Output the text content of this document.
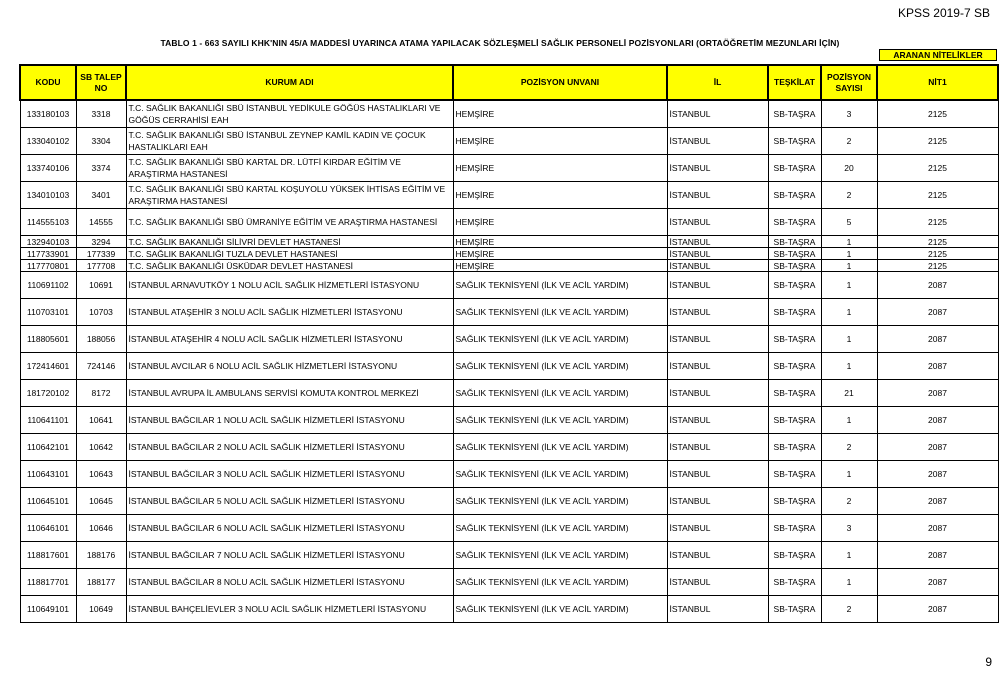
KPSS 2019-7 SB
TABLO 1 - 663 SAYILI KHK'NIN 45/A MADDESİ UYARINCA ATAMA YAPILACAK SÖZLEŞMELİ SAĞLIK PERSONELİ POZİSYONLARI (ORTAÖĞRETİM MEZUNLARI İÇİN)
ARANAN NİTELİKLER
KODU	SB TALEP NO	KURUM ADI	POZİSYON UNVANI	İL	TEŞKİLAT	POZİSYON SAYISI	NİT1
133180103	3318	T.C. SAĞLIK BAKANLIĞI SBÜ İSTANBUL YEDİKULE GÖĞÜS HASTALIKLARI VE GÖĞÜS CERRAHİSİ EAH	HEMŞİRE	İSTANBUL	SB-TAŞRA	3	2125
133040102	3304	T.C. SAĞLIK BAKANLIĞI SBÜ İSTANBUL ZEYNEP KAMİL KADIN VE ÇOCUK HASTALIKLARI EAH	HEMŞİRE	İSTANBUL	SB-TAŞRA	2	2125
133740106	3374	T.C. SAĞLIK BAKANLIĞI SBÜ KARTAL DR. LÜTFİ KIRDAR EĞİTİM VE ARAŞTIRMA HASTANESİ	HEMŞİRE	İSTANBUL	SB-TAŞRA	20	2125
134010103	3401	T.C. SAĞLIK BAKANLIĞI SBÜ KARTAL KOŞUYOLU YÜKSEK İHTİSAS EĞİTİM VE ARAŞTIRMA HASTANESİ	HEMŞİRE	İSTANBUL	SB-TAŞRA	2	2125
114555103	14555	T.C. SAĞLIK BAKANLIĞI SBÜ ÜMRANİYE EĞİTİM VE ARAŞTIRMA HASTANESİ	HEMŞİRE	İSTANBUL	SB-TAŞRA	5	2125
132940103	3294	T.C. SAĞLIK BAKANLIĞI SİLİVRİ DEVLET HASTANESİ	HEMŞİRE	İSTANBUL	SB-TAŞRA	1	2125
117733901	177339	T.C. SAĞLIK BAKANLIĞI TUZLA DEVLET HASTANESİ	HEMŞİRE	İSTANBUL	SB-TAŞRA	1	2125
117770801	177708	T.C. SAĞLIK BAKANLIĞI ÜSKÜDAR DEVLET HASTANESİ	HEMŞİRE	İSTANBUL	SB-TAŞRA	1	2125
110691102	10691	İSTANBUL ARNAVUTKÖY 1 NOLU ACİL SAĞLIK HİZMETLERİ İSTASYONU	SAĞLIK TEKNİSYENİ (İLK VE ACİL YARDIM)	İSTANBUL	SB-TAŞRA	1	2087
110703101	10703	İSTANBUL ATAŞEHİR 3 NOLU ACİL SAĞLIK HİZMETLERİ İSTASYONU	SAĞLIK TEKNİSYENİ (İLK VE ACİL YARDIM)	İSTANBUL	SB-TAŞRA	1	2087
118805601	188056	İSTANBUL ATAŞEHİR 4 NOLU ACİL SAĞLIK HİZMETLERİ İSTASYONU	SAĞLIK TEKNİSYENİ (İLK VE ACİL YARDIM)	İSTANBUL	SB-TAŞRA	1	2087
172414601	724146	İSTANBUL AVCILAR 6 NOLU ACİL SAĞLIK HİZMETLERİ İSTASYONU	SAĞLIK TEKNİSYENİ (İLK VE ACİL YARDIM)	İSTANBUL	SB-TAŞRA	1	2087
181720102	8172	İSTANBUL AVRUPA İL AMBULANS SERVİSİ KOMUTA KONTROL MERKEZİ	SAĞLIK TEKNİSYENİ (İLK VE ACİL YARDIM)	İSTANBUL	SB-TAŞRA	21	2087
110641101	10641	İSTANBUL BAĞCILAR 1 NOLU ACİL SAĞLIK HİZMETLERİ İSTASYONU	SAĞLIK TEKNİSYENİ (İLK VE ACİL YARDIM)	İSTANBUL	SB-TAŞRA	1	2087
110642101	10642	İSTANBUL BAĞCILAR 2 NOLU ACİL SAĞLIK HİZMETLERİ İSTASYONU	SAĞLIK TEKNİSYENİ (İLK VE ACİL YARDIM)	İSTANBUL	SB-TAŞRA	2	2087
110643101	10643	İSTANBUL BAĞCILAR 3 NOLU ACİL SAĞLIK HİZMETLERİ İSTASYONU	SAĞLIK TEKNİSYENİ (İLK VE ACİL YARDIM)	İSTANBUL	SB-TAŞRA	1	2087
110645101	10645	İSTANBUL BAĞCILAR 5 NOLU ACİL SAĞLIK HİZMETLERİ İSTASYONU	SAĞLIK TEKNİSYENİ (İLK VE ACİL YARDIM)	İSTANBUL	SB-TAŞRA	2	2087
110646101	10646	İSTANBUL BAĞCILAR 6 NOLU ACİL SAĞLIK HİZMETLERİ İSTASYONU	SAĞLIK TEKNİSYENİ (İLK VE ACİL YARDIM)	İSTANBUL	SB-TAŞRA	3	2087
118817601	188176	İSTANBUL BAĞCILAR 7 NOLU ACİL SAĞLIK HİZMETLERİ İSTASYONU	SAĞLIK TEKNİSYENİ (İLK VE ACİL YARDIM)	İSTANBUL	SB-TAŞRA	1	2087
118817701	188177	İSTANBUL BAĞCILAR 8 NOLU ACİL SAĞLIK HİZMETLERİ İSTASYONU	SAĞLIK TEKNİSYENİ (İLK VE ACİL YARDIM)	İSTANBUL	SB-TAŞRA	1	2087
110649101	10649	İSTANBUL BAHÇELİEVLER 3 NOLU ACİL SAĞLIK HİZMETLERİ İSTASYONU	SAĞLIK TEKNİSYENİ (İLK VE ACİL YARDIM)	İSTANBUL	SB-TAŞRA	2	2087
9
